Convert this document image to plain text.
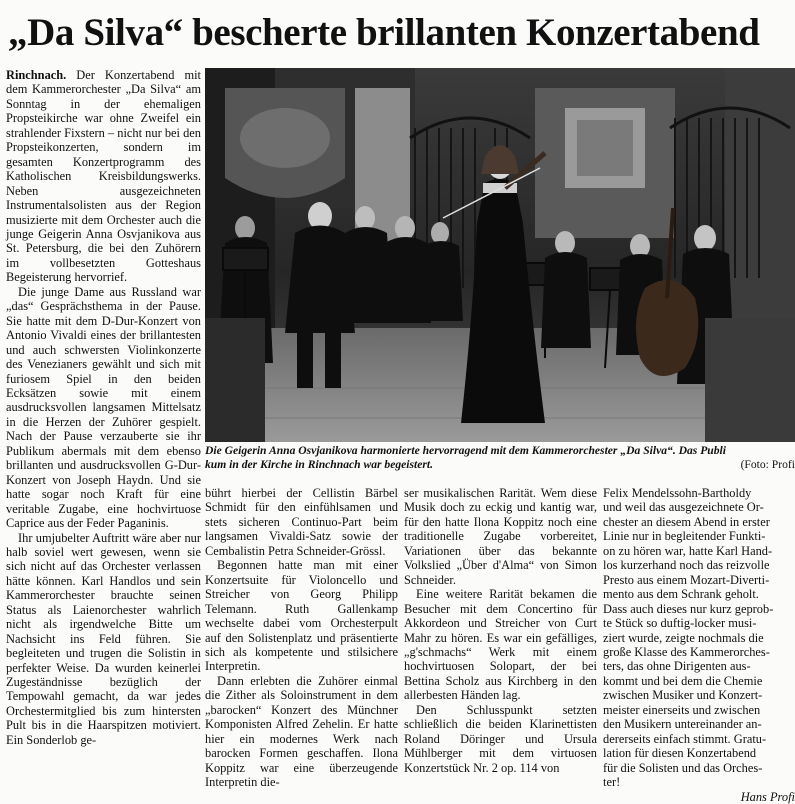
„Da Silva“ bescherte brillanten Konzertabend

Rinchnach. Der Konzertabend mit dem Kammerorchester „Da Silva“ am Sonntag in der ehemaligen Propsteikirche war ohne Zweifel ein strahlender Fixstern – nicht nur bei den Propsteikonzerten, sondern im gesamten Konzertprogramm des Katholischen Kreisbildungswerks. Neben ausgezeichneten Instrumentalsolisten aus der Region musizierte mit dem Orchester auch die junge Geigerin Anna Osvjanikova aus St. Petersburg, die bei den Zuhörern im vollbesetzten Gotteshaus Begeisterung hervorrief.

Die junge Dame aus Russland war „das“ Gesprächsthema in der Pause. Sie hatte mit dem D-Dur-Konzert von Antonio Vivaldi eines der brillantesten und auch schwersten Violinkonzerte des Venezianers gewählt und sich mit furiosem Spiel in den beiden Ecksätzen sowie mit einem ausdrucksvollen langsamen Mittelsatz in die Herzen der Zuhörer gespielt. Nach der Pause verzauberte sie ihr Publikum abermals mit dem ebenso brillanten und ausdrucksvollen G-Dur-Konzert von Joseph Haydn. Und sie hatte sogar noch Kraft für eine veritable Zugabe, eine hochvirtuose Caprice aus der Feder Paganinis.

Ihr umjubelter Auftritt wäre aber nur halb soviel wert gewesen, wenn sie sich nicht auf das Orchester verlassen hätte können. Karl Handlos und sein Kammerorchester brauchte seinen Status als Laienorchester wahrlich nicht als irgendwelche Bitte um Nachsicht ins Feld führen. Sie begleiteten und trugen die Solistin in perfekter Weise. Da wurden keinerlei Zugeständnisse bezüglich der Tempowahl gemacht, da war jedes Orchestermitglied bis zum hintersten Pult bis in die Haarspitzen motiviert. Ein Sonderlob ge-

Die Geigerin Anna Osvjanikova harmonierte hervorragend mit dem Kammerorchester „Da Silva“. Das Publi
kum in der Kirche in Rinchnach war begeistert.	(Foto: Profi

bührt hierbei der Cellistin Bärbel Schmidt für den einfühlsamen und stets sicheren Continuo-Part beim langsamen Vivaldi-Satz sowie der Cembalistin Petra Schneider-Grössl.

Begonnen hatte man mit einer Konzertsuite für Violoncello und Streicher von Georg Philipp Telemann. Ruth Gallenkamp wechselte dabei vom Orchesterpult auf den Solistenplatz und präsentierte sich als kompetente und stilsichere Interpretin.

Dann erlebten die Zuhörer einmal die Zither als Soloinstrument in dem „barocken“ Konzert des Münchner Komponisten Alfred Zehelin. Er hatte hier ein modernes Werk nach barocken Formen geschaffen. Ilona Koppitz war eine überzeugende Interpretin die-

ser musikalischen Rarität. Wem diese Musik doch zu eckig und kantig war, für den hatte Ilona Koppitz noch eine traditionelle Zugabe vorbereitet, Variationen über das bekannte Volkslied „Über d'Alma“ von Simon Schneider.

Eine weitere Rarität bekamen die Besucher mit dem Concertino für Akkordeon und Streicher von Curt Mahr zu hören. Es war ein gefälliges, „g'schmachs“ Werk mit einem hochvirtuosen Solopart, der bei Bettina Scholz aus Kirchberg in den allerbesten Händen lag.

Den Schlusspunkt setzten schließlich die beiden Klarinettisten Roland Döringer und Ursula Mühlberger mit dem virtuosen Konzertstück Nr. 2 op. 114 von

Felix Mendelssohn-Bartholdy
und weil das ausgezeichnete Or-
chester an diesem Abend in erster
Linie nur in begleitender Funkti-
on zu hören war, hatte Karl Hand-
los kurzerhand noch das reizvolle
Presto aus einem Mozart-Diverti-
mento aus dem Schrank geholt.
Dass auch dieses nur kurz geprob-
te Stück so duftig-locker musi-
ziert wurde, zeigte nochmals die
große Klasse des Kammerorches-
ters, das ohne Dirigenten aus-
kommt und bei dem die Chemie
zwischen Musiker und Konzert-
meister einerseits und zwischen
den Musikern untereinander an-
dererseits einfach stimmt. Gratu-
lation für diesen Konzertabend
für die Solisten und das Orches-
ter!
Hans Profi
